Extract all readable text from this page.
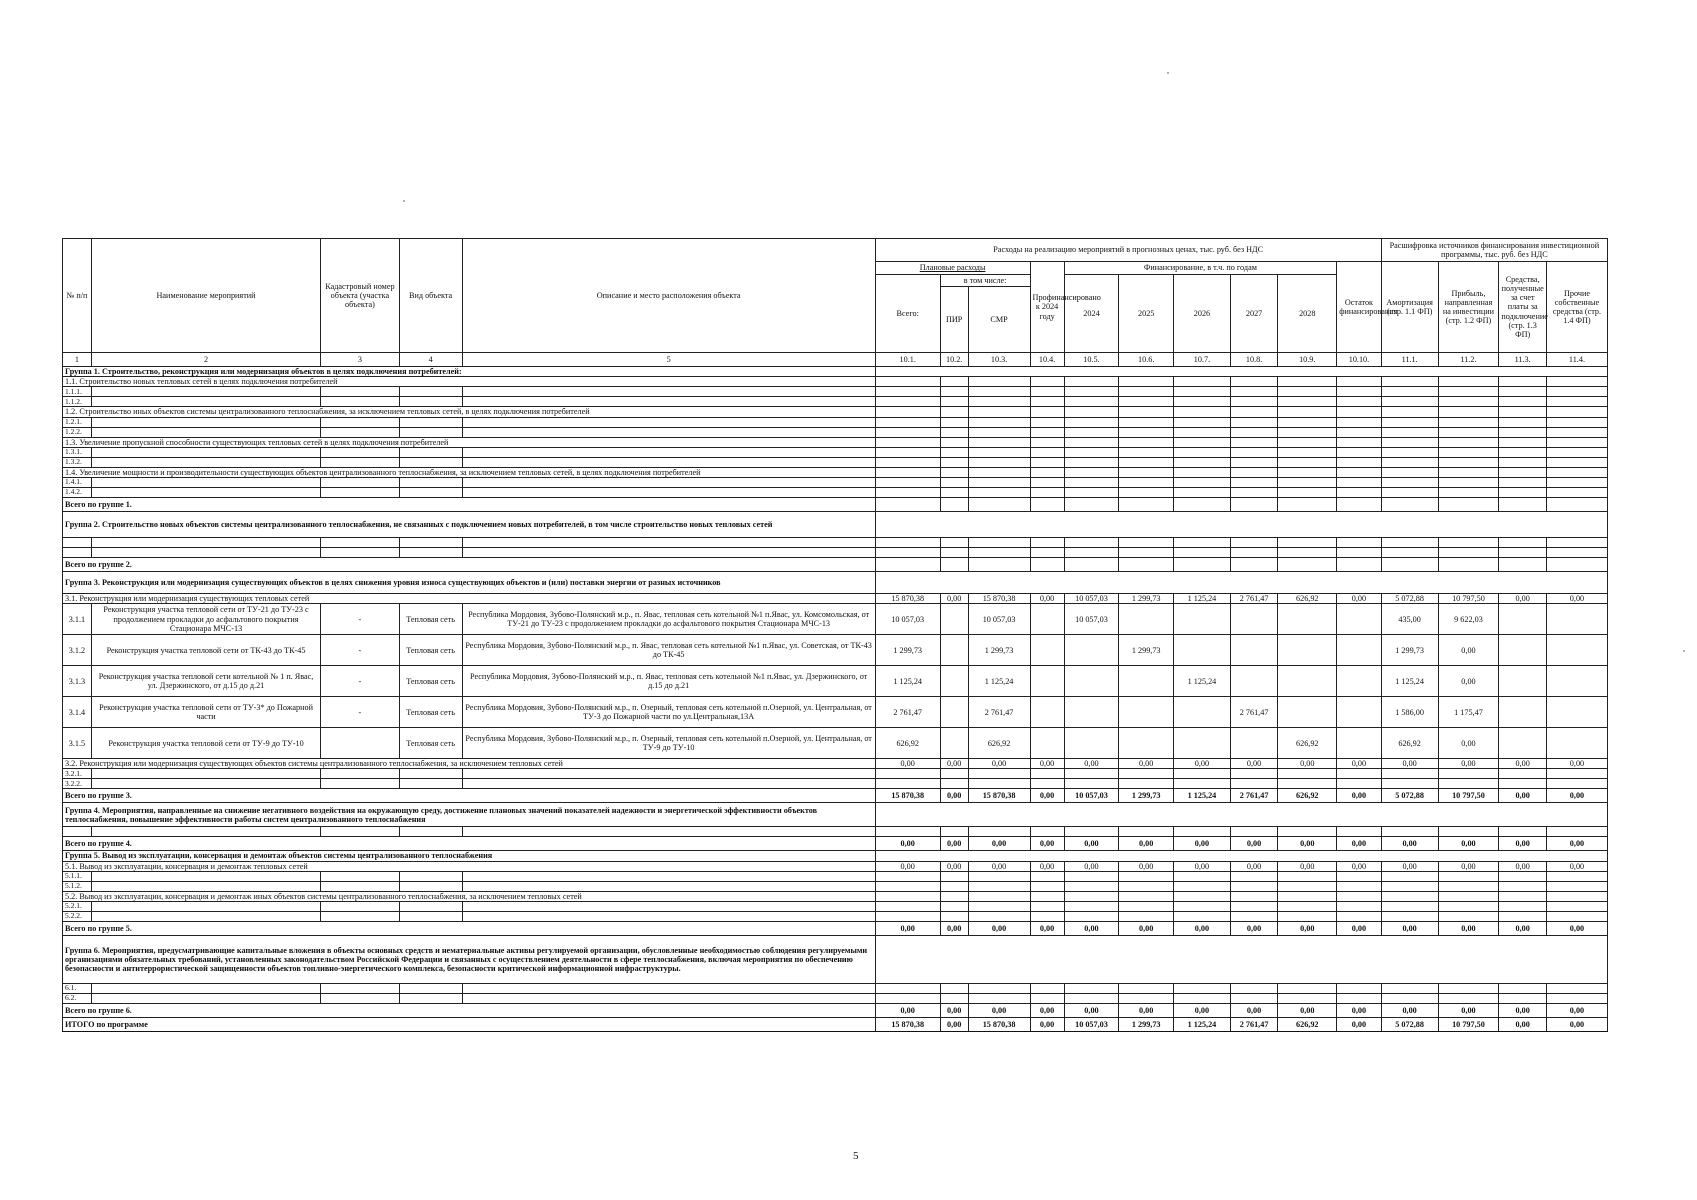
№ п/п	Наименование мероприятий	Кадастровый номер объекта (участка объекта)	Вид объекта	Описание и место расположения объекта	Расходы на реализацию мероприятий в прогнозных ценах, тыс. руб. без НДС										Расшифровка источников финансирования инвестиционной программы, тыс. руб. без НДС			
					Плановые расходы			Профинансировано к 2024 году	Финансирование, в т.ч. по годам					Остаток финансирования	Амортизация (стр. 1.1 ФП)	Прибыль, направленная на инвестиции (стр. 1.2 ФП)	Средства, полученные за счет платы за подключение (стр. 1.3 ФП)	Прочие собственные средства (стр. 1.4 ФП)
					Всего:	в том числе:			2024	2025	2026	2027	2028					
						ПИР	СМР											
1	2	3	4	5	10.1.	10.2.	10.3.	10.4.	10.5.	10.6.	10.7.	10.8.	10.9.	10.10.	11.1.	11.2.	11.3.	11.4.
Группа 1. Строительство, реконструкция или модернизация объектов в целях подключения потребителей:																		
1.1. Строительство новых тепловых сетей в целях подключения потребителей																		
1.1.1.																		
1.1.2.																		
1.2. Строительство иных объектов системы централизованного теплоснабжения, за исключением тепловых сетей, в целях подключения потребителей																		
1.2.1.																		
1.2.2.																		
1.3. Увеличение пропускной способности существующих тепловых сетей в целях подключения потребителей																		
1.3.1.																		
1.3.2.																		
1.4. Увеличение мощности и производительности существующих объектов централизованного теплоснабжения, за исключением тепловых сетей, в целях подключения потребителей																		
1.4.1.																		
1.4.2.																		
Всего по группе 1.																		
Группа 2. Строительство новых объектов системы централизованного теплоснабжения, не связанных с подключением новых потребителей, в том числе строительство новых тепловых сетей																		

Всего по группе 2.																		
Группа 3. Реконструкция или модернизация существующих объектов в целях снижения уровня износа существующих объектов и (или) поставки энергии от разных источников																		
3.1. Реконструкция или модернизация существующих тепловых сетей					15 870,38	0,00	15 870,38	0,00	10 057,03	1 299,73	1 125,24	2 761,47	626,92	0,00	5 072,88	10 797,50	0,00	0,00
3.1.1	Реконструкция участка тепловой сети от ТУ-21 до ТУ-23 с продолжением прокладки до асфальтового покрытия Стационара МЧС-13	-	Тепловая сеть	Республика Мордовия, Зубово-Полянский м.р., п. Явас, тепловая сеть котельной №1 п.Явас, ул. Комсомольская, от ТУ-21 до ТУ-23 с продолжением прокладки до асфальтового покрытия Стационара МЧС-13	10 057,03		10 057,03		10 057,03						435,00	9 622,03		
3.1.2	Реконструкция участка тепловой сети от ТК-43 до ТК-45	-	Тепловая сеть	Республика Мордовия, Зубово-Полянский м.р., п. Явас, тепловая сеть котельной №1 п.Явас, ул. Советская, от ТК-43 до ТК-45	1 299,73		1 299,73			1 299,73					1 299,73	0,00		
3.1.3	Реконструкция участка тепловой сети котельной № 1 п. Явас, ул. Дзержинского, от д.15 до д.21	-	Тепловая сеть	Республика Мордовия, Зубово-Полянский м.р., п. Явас, тепловая сеть котельной №1 п.Явас, ул. Дзержинского, от д.15 до д.21	1 125,24		1 125,24				1 125,24				1 125,24	0,00		
3.1.4	Реконструкция участка тепловой сети от ТУ-3* до Пожарной части	-	Тепловая сеть	Республика Мордовия, Зубово-Полянский м.р., п. Озерный, тепловая сеть котельной п.Озерной, ул. Центральная, от ТУ-3 до Пожарной части по ул.Центральная,13А	2 761,47		2 761,47					2 761,47			1 586,00	1 175,47		
3.1.5	Реконструкция участка тепловой сети от ТУ-9 до ТУ-10		Тепловая сеть	Республика Мордовия, Зубово-Полянский м.р., п. Озерный, тепловая сеть котельной п.Озерной, ул. Центральная, от ТУ-9 до ТУ-10	626,92		626,92						626,92		626,92	0,00		
3.2. Реконструкция или модернизация существующих объектов системы централизованного теплоснабжения, за исключением тепловых сетей					0,00	0,00	0,00	0,00	0,00	0,00	0,00	0,00	0,00	0,00	0,00	0,00	0,00	0,00
3.2.1.																		
3.2.2.																		
Всего по группе 3.					15 870,38	0,00	15 870,38	0,00	10 057,03	1 299,73	1 125,24	2 761,47	626,92	0,00	5 072,88	10 797,50	0,00	0,00
Группа 4. Мероприятия, направленные на снижение негативного воздействия на окружающую среду, достижение плановых значений показателей надежности и энергетической эффективности объектов теплоснабжения, повышение эффективности работы систем централизованного теплоснабжения																		

Всего по группе 4.					0,00	0,00	0,00	0,00	0,00	0,00	0,00	0,00	0,00	0,00	0,00	0,00	0,00	0,00
Группа 5. Вывод из эксплуатации, консервация и демонтаж объектов системы централизованного теплоснабжения																		
5.1. Вывод из эксплуатации, консервация и демонтаж тепловых сетей					0,00	0,00	0,00	0,00	0,00	0,00	0,00	0,00	0,00	0,00	0,00	0,00	0,00	0,00
5.1.1.																		
5.1.2.																		
5.2. Вывод из эксплуатации, консервация и демонтаж иных объектов системы централизованного теплоснабжения, за исключением тепловых сетей																		
5.2.1.																		
5.2.2.																		
Всего по группе 5.					0,00	0,00	0,00	0,00	0,00	0,00	0,00	0,00	0,00	0,00	0,00	0,00	0,00	0,00
Группа 6. Мероприятия, предусматривающие капитальные вложения в объекты основных средств и нематериальные активы регулируемой организации, обусловленные необходимостью соблюдения регулируемыми организациями обязательных требований, установленных законодательством Российской Федерации и связанных с осуществлением деятельности в сфере теплоснабжения, включая мероприятия по обеспечению безопасности и антитеррористической защищенности объектов топливно-энергетического комплекса, безопасности критической информационной инфраструктуры.																		
6.1.																		
6.2.																		
Всего по группе 6.					0,00	0,00	0,00	0,00	0,00	0,00	0,00	0,00	0,00	0,00	0,00	0,00	0,00	0,00
ИТОГО по программе					15 870,38	0,00	15 870,38	0,00	10 057,03	1 299,73	1 125,24	2 761,47	626,92	0,00	5 072,88	10 797,50	0,00	0,00
5
